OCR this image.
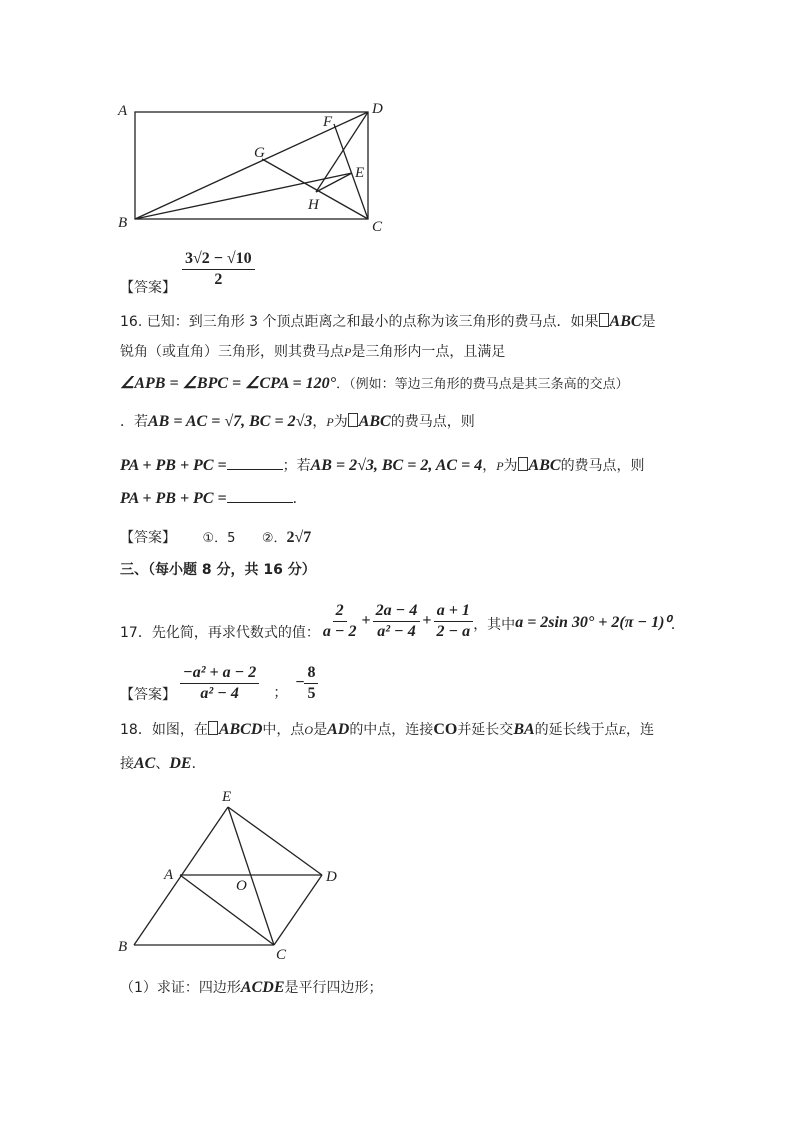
A
B	C
D
E
F
G
H
【答案】 $\frac{3√2 - √10}{2}$
16. 已知：到三角形 3 个顶点距离之和最小的点称为该三角形的费马点．如果 ABC是
锐角（或直角）三角形，则其费马点P是三角形内一点，且满足
∠APB = ∠BPC = ∠CPA = 120°．（例如：等边三角形的费马点是其三条高的交点）
．若AB = AC = √7, BC = 2√3，P为 ABC的费马点，则
PA + PB + PC =	；若AB = 2√3, BC = 2, AC = 4，P为 ABC的费马点，则
PA + PB + PC =	．
【答案】 ①．5 ②．2√7
三、（每小题 8 分，共 16 分）
17．先化简，再求代数式的值： $\frac{2}{a - 2} + \frac{2a - 4}{\text{a² − 4}} + \frac{a + 1}{2 - a}$ ，其中 a = 2sin 30° + 2(π − 1)⁰ ．
【答案】 $\frac{\text{−a² + a − 2}}{\text{a² − 4}}$ ；
− $\frac{8}{5}$
18．如图，在 ABCD中，点O是AD的中点，连接CO并延长交BA的延长线于点E，连
接AC、DE．
E
A
O
D
B	C
（1）求证：四边形ACDE是平行四边形；
